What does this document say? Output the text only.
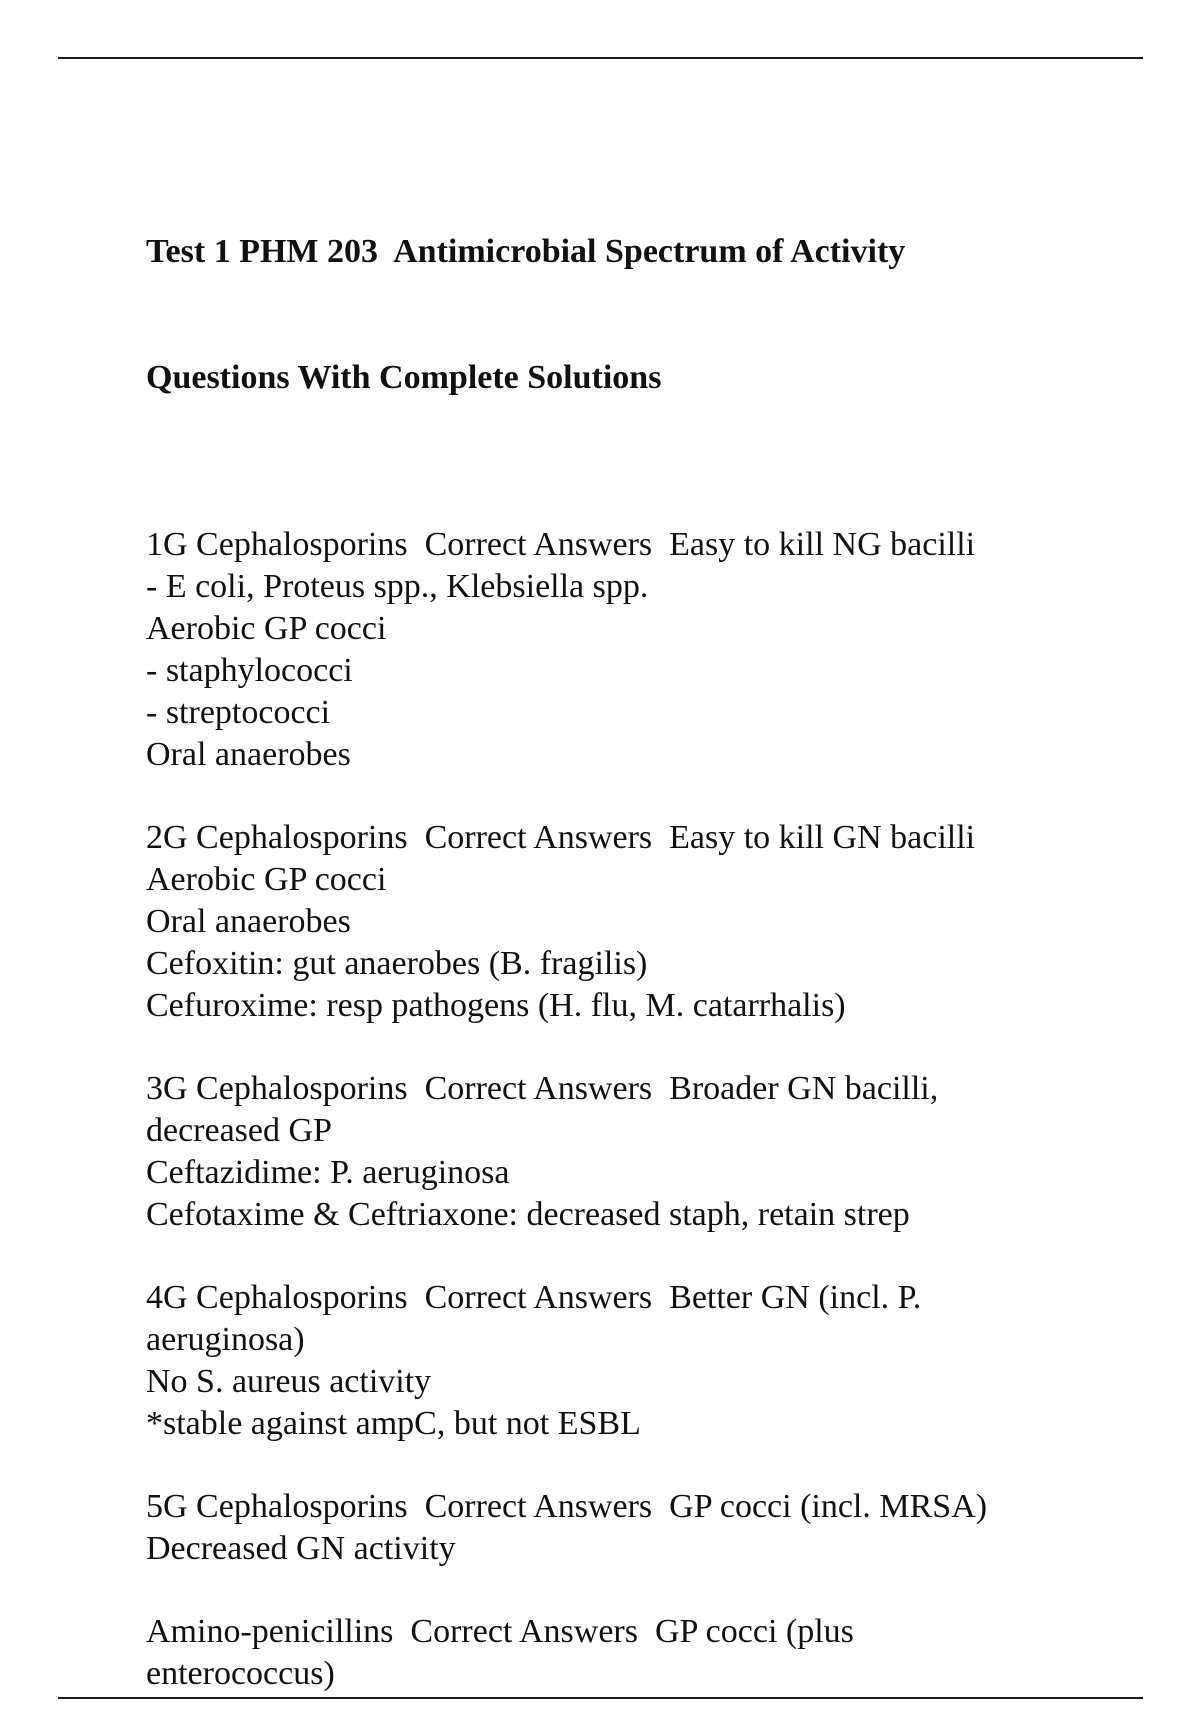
Test 1 PHM 203  Antimicrobial Spectrum of Activity

Questions With Complete Solutions

1G Cephalosporins  Correct Answers  Easy to kill NG bacilli
- E coli, Proteus spp., Klebsiella spp.
Aerobic GP cocci
- staphylococci
- streptococci
Oral anaerobes
2G Cephalosporins  Correct Answers  Easy to kill GN bacilli
Aerobic GP cocci
Oral anaerobes
Cefoxitin: gut anaerobes (B. fragilis)
Cefuroxime: resp pathogens (H. flu, M. catarrhalis)
3G Cephalosporins  Correct Answers  Broader GN bacilli,
decreased GP
Ceftazidime: P. aeruginosa
Cefotaxime & Ceftriaxone: decreased staph, retain strep
4G Cephalosporins  Correct Answers  Better GN (incl. P.
aeruginosa)
No S. aureus activity
*stable against ampC, but not ESBL
5G Cephalosporins  Correct Answers  GP cocci (incl. MRSA)
Decreased GN activity
Amino-penicillins  Correct Answers  GP cocci (plus
enterococcus)
